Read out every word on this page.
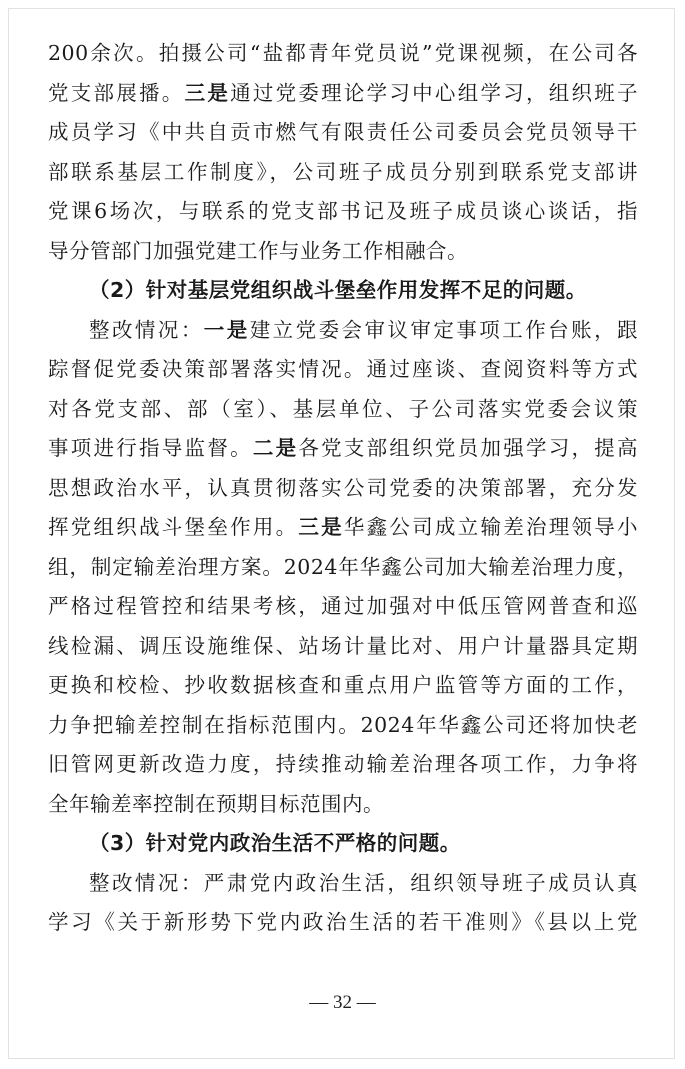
200余次。拍摄公司“盐都青年党员说”党课视频，在公司各
党支部展播。三是通过党委理论学习中心组学习，组织班子
成员学习《中共自贡市燃气有限责任公司委员会党员领导干
部联系基层工作制度》，公司班子成员分别到联系党支部讲
党课6场次，与联系的党支部书记及班子成员谈心谈话，指
导分管部门加强党建工作与业务工作相融合。
（2）针对基层党组织战斗堡垒作用发挥不足的问题。
整改情况：一是建立党委会审议审定事项工作台账，跟
踪督促党委决策部署落实情况。通过座谈、查阅资料等方式
对各党支部、部（室）、基层单位、子公司落实党委会议策
事项进行指导监督。二是各党支部组织党员加强学习，提高
思想政治水平，认真贯彻落实公司党委的决策部署，充分发
挥党组织战斗堡垒作用。三是华鑫公司成立输差治理领导小
组，制定输差治理方案。2024年华鑫公司加大输差治理力度，
严格过程管控和结果考核，通过加强对中低压管网普查和巡
线检漏、调压设施维保、站场计量比对、用户计量器具定期
更换和校检、抄收数据核查和重点用户监管等方面的工作，
力争把输差控制在指标范围内。2024年华鑫公司还将加快老
旧管网更新改造力度，持续推动输差治理各项工作，力争将
全年输差率控制在预期目标范围内。
（3）针对党内政治生活不严格的问题。
整改情况：严肃党内政治生活，组织领导班子成员认真
学习《关于新形势下党内政治生活的若干准则》《县以上党
— 32 —
